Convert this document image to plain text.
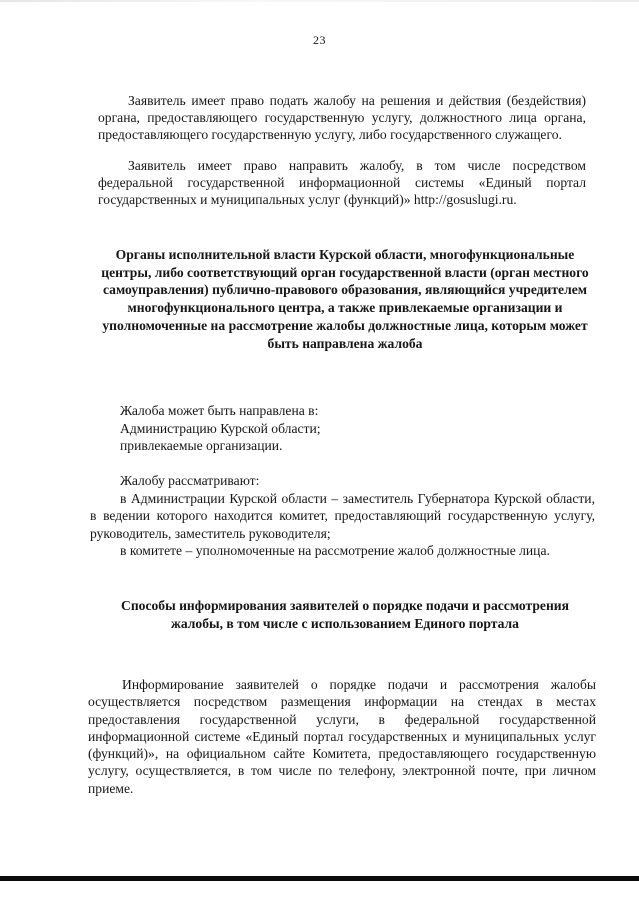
23

Заявитель имеет право подать жалобу на решения и действия (бездействия) органа, предоставляющего государственную услугу, должностного лица органа, предоставляющего государственную услугу, либо государственного служащего.

Заявитель имеет право направить жалобу, в том числе посредством федеральной государственной информационной системы «Единый портал государственных и муниципальных услуг (функций)» http://gosuslugi.ru.

Органы исполнительной власти Курской области, многофункциональные центры, либо соответствующий орган государственной власти (орган местного самоуправления) публично-правового образования, являющийся учредителем многофункционального центра, а также привлекаемые организации и уполномоченные на рассмотрение жалобы должностные лица, которым может быть направлена жалоба

Жалоба может быть направлена в:

Администрацию Курской области;

привлекаемые организации.

Жалобу рассматривают:

в Администрации Курской области – заместитель Губернатора Курской области, в ведении которого находится комитет, предоставляющий государственную услугу, руководитель, заместитель руководителя;

в комитете – уполномоченные на рассмотрение жалоб должностные лица.

Способы информирования заявителей о порядке подачи и рассмотрения жалобы, в том числе с использованием Единого портала

Информирование заявителей о порядке подачи и рассмотрения жалобы осуществляется посредством размещения информации на стендах в местах предоставления государственной услуги, в федеральной государственной информационной системе «Единый портал государственных и муниципальных услуг (функций)», на официальном сайте Комитета, предоставляющего государственную услугу, осуществляется, в том числе по телефону, электронной почте, при личном приеме.
